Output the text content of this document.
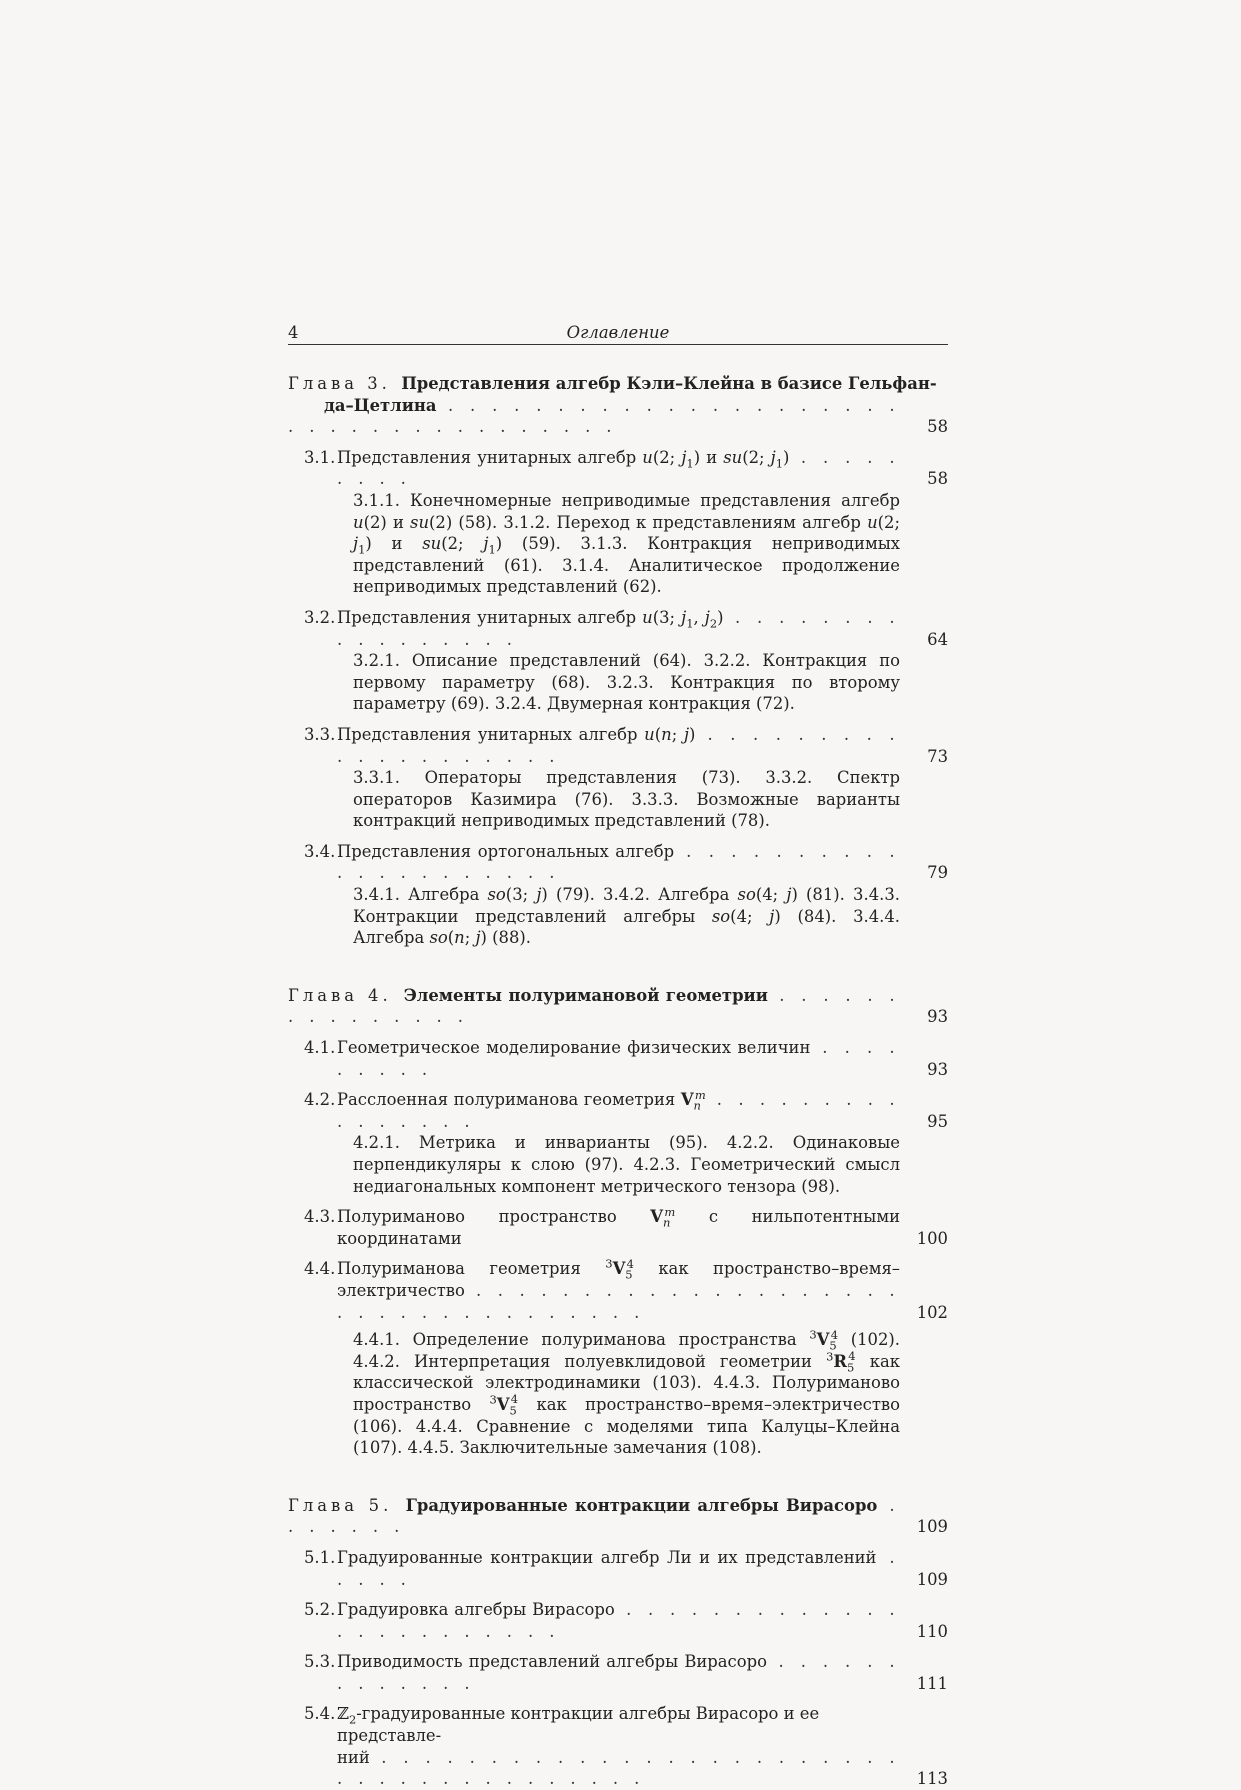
4	Оглавление
Глава 3. Представления алгебр Кэли–Клейна в базисе Гельфан-
да–Цетлина . . . . . . . . . . . . . . . . . . . . . . . . . . . . . . . . . . . . .	58
3.1. Представления унитарных алгебр u(2; $j_1$) и su(2; $j_1$) . . . . . . . . .	58
3.1.1. Конечномерные неприводимые представления алгебр u(2) и su(2) (58). 3.1.2. Переход к представлениям алгебр u(2; $j_1$) и su(2; $j_1$) (59). 3.1.3. Контракция неприводимых представлений (61). 3.1.4. Аналитическое продолжение неприводимых представлений (62).
3.2. Представления унитарных алгебр u(3; $j_1$, $j_2$) . . . . . . . . . . . . . . . . .	64
3.2.1. Описание представлений (64). 3.2.2. Контракция по первому параметру (68). 3.2.3. Контракция по второму параметру (69). 3.2.4. Двумерная контракция (72).
3.3. Представления унитарных алгебр u(n; j) . . . . . . . . . . . . . . . . . . . .	73
3.3.1. Операторы представления (73). 3.3.2. Спектр операторов Казимира (76). 3.3.3. Возможные варианты контракций неприводимых представлений (78).
3.4. Представления ортогональных алгебр . . . . . . . . . . . . . . . . . . . . .	79
3.4.1. Алгебра so(3; j) (79). 3.4.2. Алгебра so(4; j) (81). 3.4.3. Контракции представлений алгебры so(4; j) (84). 3.4.4. Алгебра so(n; j) (88).
Глава 4. Элементы полуримановой геометрии . . . . . . . . . . . . . . .	93
4.1. Геометрическое моделирование физических величин . . . . . . . . .	93
4.2. Расслоенная полуриманова геометрия $V_n^m$ . . . . . . . . . . . . . . . .	95
4.2.1. Метрика и инварианты (95). 4.2.2. Одинаковые перпендикуляры к слою (97). 4.2.3. Геометрический смысл недиагональных компонент метрического тензора (98).
4.3. Полуриманово пространство $V_n^m$ с нильпотентными координатами	100
4.4. Полуриманова геометрия $^3V_5^4$ как пространство–время–
электричество . . . . . . . . . . . . . . . . . . . . . . . . . . . . . . . . . . .	102
4.4.1. Определение полуриманова пространства $^3V_5^4$ (102). 4.4.2. Интерпретация полуевклидовой геометрии $^3R_5^4$ как классической электродинамики (103). 4.4.3. Полуриманово пространство $^3V_5^4$ как пространство–время–электричество (106). 4.4.4. Сравнение с моделями типа Калуцы–Клейна (107). 4.4.5. Заключительные замечания (108).
Глава 5. Градуированные контракции алгебры Вирасоро . . . . . . .	109
5.1. Градуированные контракции алгебр Ли и их представлений . . . . .	109
5.2. Градуировка алгебры Вирасоро . . . . . . . . . . . . . . . . . . . . . . . .	110
5.3. Приводимость представлений алгебры Вирасоро . . . . . . . . . . . . .	111
5.4. ℤ$_2$-градуированные контракции алгебры Вирасоро и ее представле-
ний . . . . . . . . . . . . . . . . . . . . . . . . . . . . . . . . . . . . . . .	113
